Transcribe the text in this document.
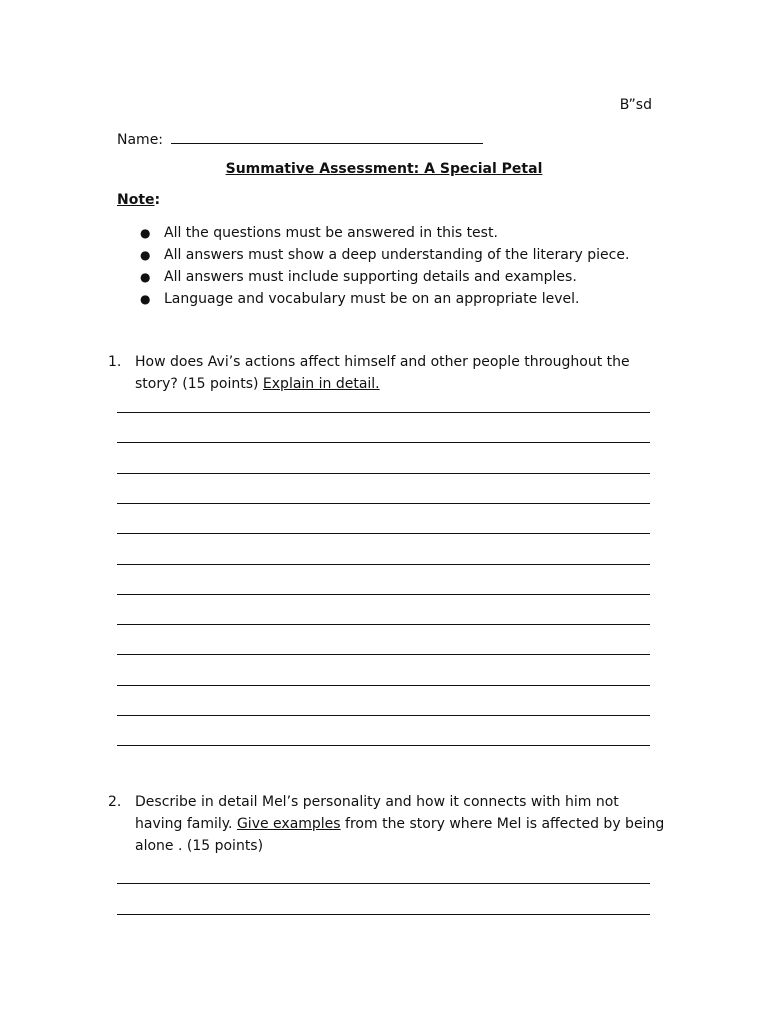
B”sd
Name:
Summative Assessment: A Special Petal
Note:
● All the questions must be answered in this test.
● All answers must show a deep understanding of the literary piece.
● All answers must include supporting details and examples.
● Language and vocabulary must be on an appropriate level.
1. How does Avi’s actions affect himself and other people throughout the story? (15 points) Explain in detail.
2. Describe in detail Mel’s personality and how it connects with him not having family. Give examples from the story where Mel is affected by being alone . (15 points)
